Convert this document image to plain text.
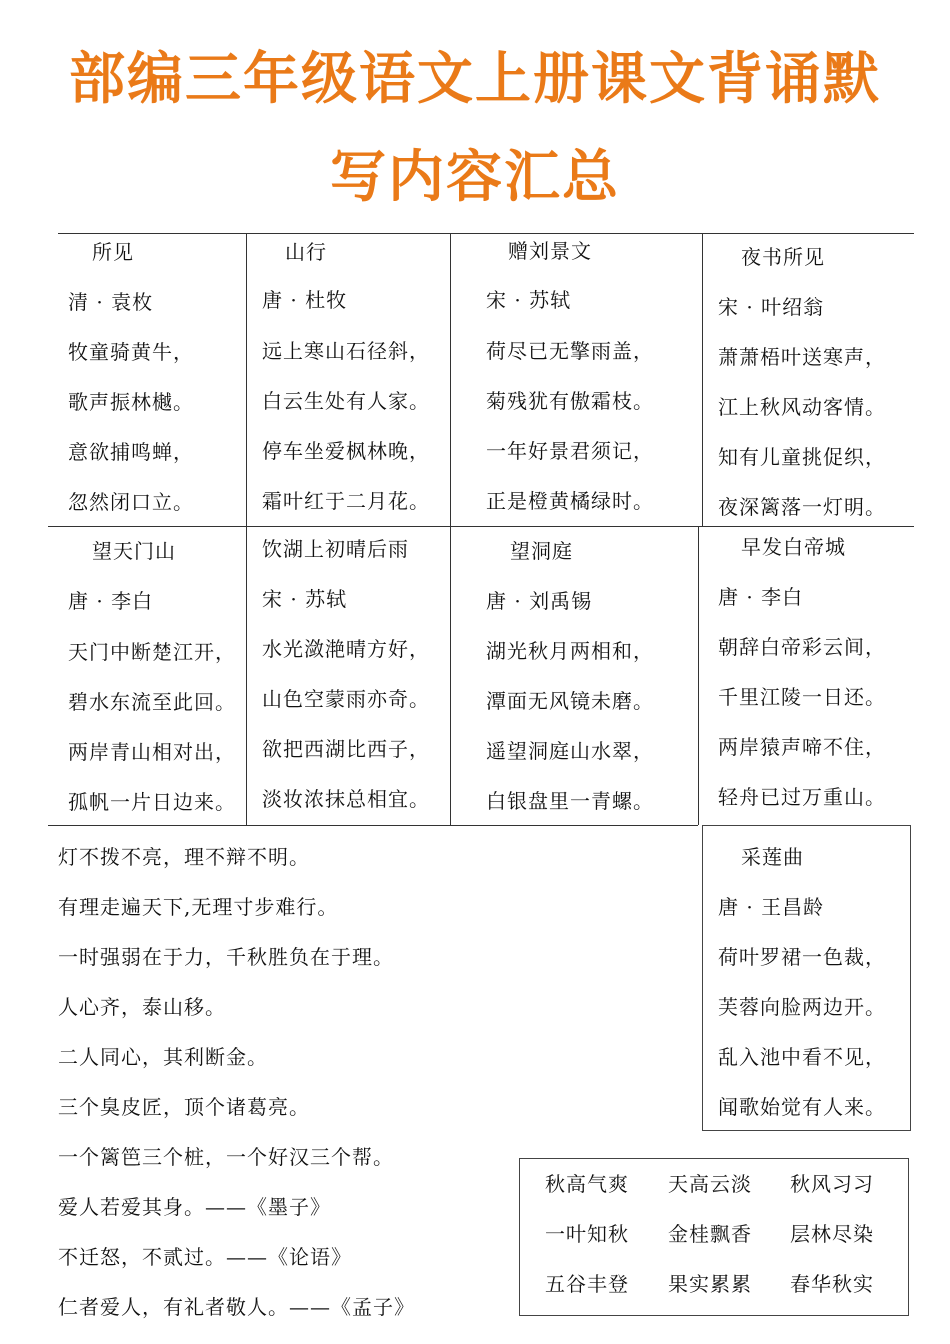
部编三年级语文上册课文背诵默
写内容汇总
所见
清 · 袁枚
牧童骑黄牛，
歌声振林樾。
意欲捕鸣蝉，
忽然闭口立。
山行
唐 · 杜牧
远上寒山石径斜，
白云生处有人家。
停车坐爱枫林晚，
霜叶红于二月花。
赠刘景文
宋 · 苏轼
荷尽已无擎雨盖，
菊残犹有傲霜枝。
一年好景君须记，
正是橙黄橘绿时。
夜书所见
宋 · 叶绍翁
萧萧梧叶送寒声，
江上秋风动客情。
知有儿童挑促织，
夜深篱落一灯明。
望天门山
唐 · 李白
天门中断楚江开，
碧水东流至此回。
两岸青山相对出，
孤帆一片日边来。
饮湖上初晴后雨
宋 · 苏轼
水光潋滟晴方好，
山色空蒙雨亦奇。
欲把西湖比西子，
淡妆浓抹总相宜。
望洞庭
唐 · 刘禹锡
湖光秋月两相和，
潭面无风镜未磨。
遥望洞庭山水翠，
白银盘里一青螺。
早发白帝城
唐 · 李白
朝辞白帝彩云间，
千里江陵一日还。
两岸猿声啼不住，
轻舟已过万重山。
采莲曲
唐 · 王昌龄
荷叶罗裙一色裁，
芙蓉向脸两边开。
乱入池中看不见，
闻歌始觉有人来。
灯不拨不亮，理不辩不明。
有理走遍天下,无理寸步难行。
一时强弱在于力，千秋胜负在于理。
人心齐，泰山移。
二人同心，其利断金。
三个臭皮匠，顶个诸葛亮。
一个篱笆三个桩，一个好汉三个帮。
爱人若爱其身。——《墨子》
不迁怒，不贰过。——《论语》
仁者爱人，有礼者敬人。——《孟子》
秋高气爽 天高云淡 秋风习习
一叶知秋 金桂飘香 层林尽染
五谷丰登 果实累累 春华秋实
